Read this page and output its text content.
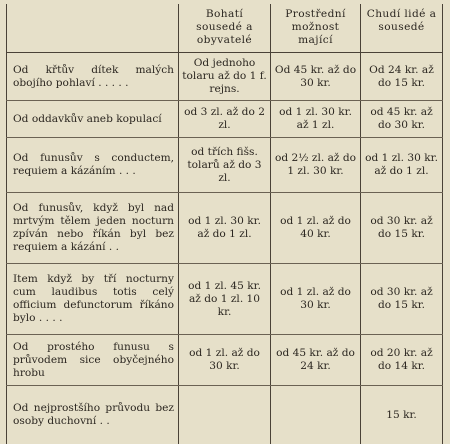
	Bohatí sousedé a obyvatelé	Prostřední možnost mající	Chudí lidé a sousedé
Od křtův dítek malých obojího pohlaví . . . . .	Od jednoho tolaru až do 1 f. rejns.	Od 45 kr. až do 30 kr.	Od 24 kr. až do 15 kr.
Od oddavkův aneb kopulací	od 3 zl. až do 2 zl.	od 1 zl. 30 kr. až 1 zl.	od 45 kr. až do 30 kr.
Od funusův s conductem, requiem a kázáním . . .	od třích fišs. tolarů až do 3 zl.	od 2½ zl. až do 1 zl. 30 kr.	od 1 zl. 30 kr. až do 1 zl.
Od funusův, když byl nad mrtvým tělem jeden nocturn zpíván nebo říkán byl bez requiem a kázání . .	od 1 zl. 30 kr. až do 1 zl.	od 1 zl. až do 40 kr.	od 30 kr. až do 15 kr.
Item když by tří nocturny cum laudibus totis celý officium defunctorum říkáno bylo . . . .	od 1 zl. 45 kr. až do 1 zl. 10 kr.	od 1 zl. až do 30 kr.	od 30 kr. až do 15 kr.
Od prostého funusu s průvodem sice obyčejného hrobu	od 1 zl. až do 30 kr.	od 45 kr. až do 24 kr.	od 20 kr. až do 14 kr.
Od nejprostšího průvodu bez osoby duchovní . .			15 kr.
